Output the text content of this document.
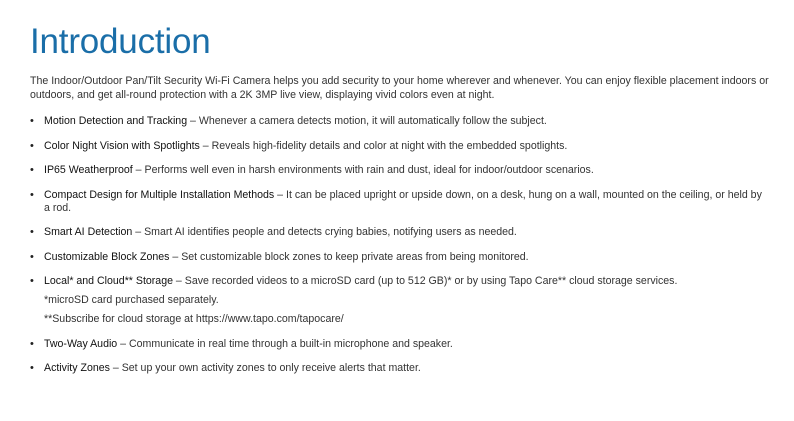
Introduction

The Indoor/Outdoor Pan/Tilt Security Wi-Fi Camera helps you add security to your home wherever and whenever. You can enjoy flexible placement indoors or outdoors, and get all-round protection with a 2K 3MP live view, displaying vivid colors even at night.

• Motion Detection and Tracking – Whenever a camera detects motion, it will automatically follow the subject.
• Color Night Vision with Spotlights – Reveals high-fidelity details and color at night with the embedded spotlights.
• IP65 Weatherproof – Performs well even in harsh environments with rain and dust, ideal for indoor/outdoor scenarios.
• Compact Design for Multiple Installation Methods – It can be placed upright or upside down, on a desk, hung on a wall, mounted on the ceiling, or held by a rod.
• Smart AI Detection – Smart AI identifies people and detects crying babies, notifying users as needed.
• Customizable Block Zones – Set customizable block zones to keep private areas from being monitored.
• Local* and Cloud** Storage – Save recorded videos to a microSD card (up to 512 GB)* or by using Tapo Care** cloud storage services.
*microSD card purchased separately.
**Subscribe for cloud storage at https://www.tapo.com/tapocare/
• Two-Way Audio – Communicate in real time through a built-in microphone and speaker.
• Activity Zones – Set up your own activity zones to only receive alerts that matter.
